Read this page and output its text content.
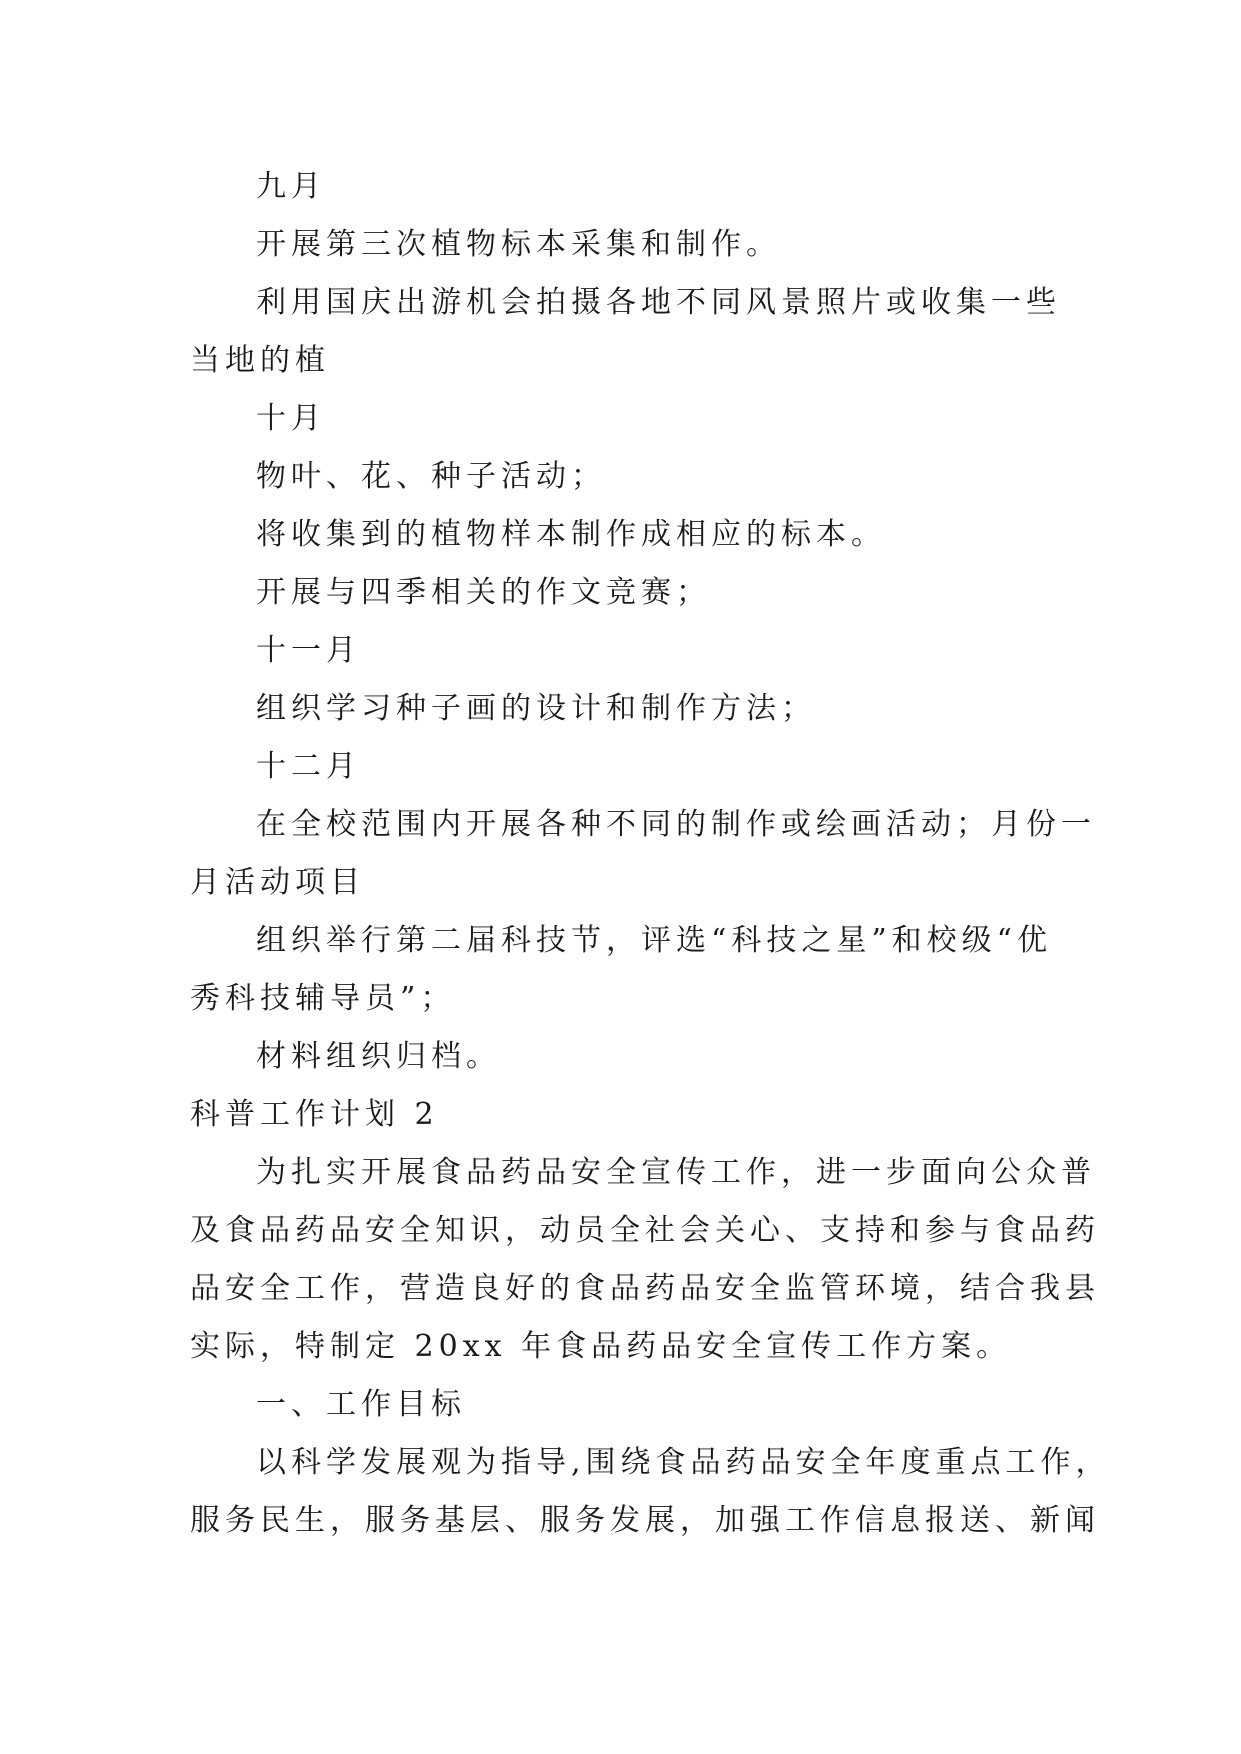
九月

开展第三次植物标本采集和制作。

利用国庆出游机会拍摄各地不同风景照片或收集一些

当地的植

十月

物叶、花、种子活动；

将收集到的植物样本制作成相应的标本。

开展与四季相关的作文竞赛；

十一月

组织学习种子画的设计和制作方法；

十二月

在全校范围内开展各种不同的制作或绘画活动；月份一

月活动项目

组织举行第二届科技节，评选“科技之星”和校级“优

秀科技辅导员”；

材料组织归档。

科普工作计划 2

为扎实开展食品药品安全宣传工作，进一步面向公众普

及食品药品安全知识，动员全社会关心、支持和参与食品药

品安全工作，营造良好的食品药品安全监管环境，结合我县

实际，特制定 20xx 年食品药品安全宣传工作方案。

一、工作目标

以科学发展观为指导,围绕食品药品安全年度重点工作，

服务民生，服务基层、服务发展，加强工作信息报送、新闻
